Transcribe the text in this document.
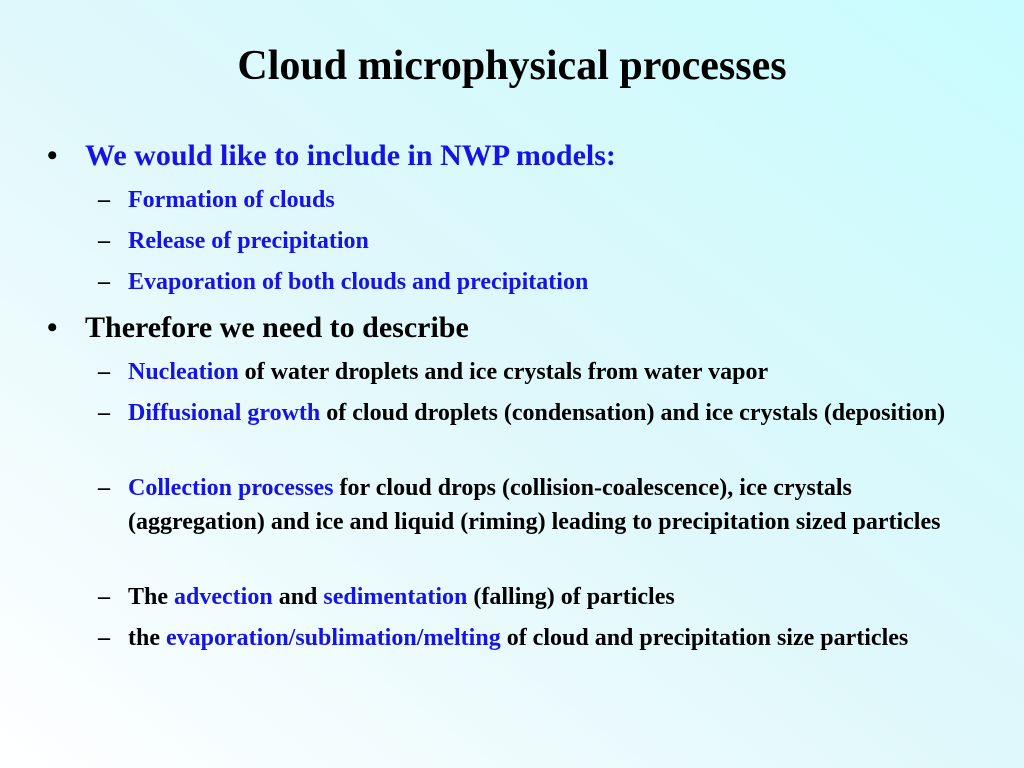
Cloud microphysical processes
• We would like to include in NWP models:
– Formation of clouds
– Release of precipitation
– Evaporation of both clouds and precipitation
• Therefore we need to describe
– Nucleation of water droplets and ice crystals from water vapor
– Diffusional growth of cloud droplets (condensation) and ice crystals (deposition)
– Collection processes for cloud drops (collision-coalescence), ice crystals (aggregation) and ice and liquid (riming) leading to precipitation sized particles
– The advection and sedimentation (falling) of particles
– the evaporation/sublimation/melting of cloud and precipitation size particles
